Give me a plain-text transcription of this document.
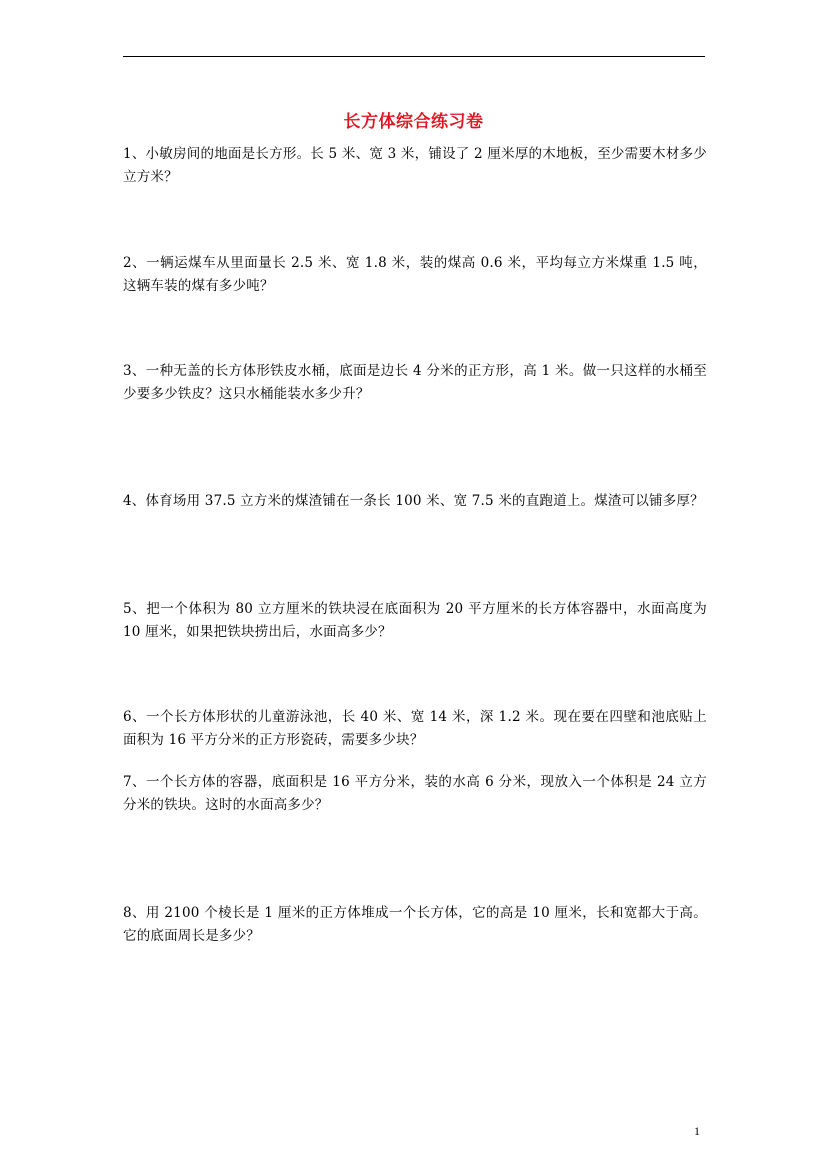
长方体综合练习卷
1、小敏房间的地面是长方形。长 5 米、宽 3 米，铺设了 2 厘米厚的木地板，至少需要木材多少立方米？
2、一辆运煤车从里面量长 2.5 米、宽 1.8 米，装的煤高 0.6 米，平均每立方米煤重 1.5 吨，这辆车装的煤有多少吨？
3、一种无盖的长方体形铁皮水桶，底面是边长 4 分米的正方形，高 1 米。做一只这样的水桶至少要多少铁皮？这只水桶能装水多少升？
4、体育场用 37.5 立方米的煤渣铺在一条长 100 米、宽 7.5 米的直跑道上。煤渣可以铺多厚？
5、把一个体积为 80 立方厘米的铁块浸在底面积为 20 平方厘米的长方体容器中，水面高度为 10 厘米，如果把铁块捞出后，水面高多少？
6、一个长方体形状的儿童游泳池，长 40 米、宽 14 米，深 1.2 米。现在要在四壁和池底贴上面积为 16 平方分米的正方形瓷砖，需要多少块？
7、一个长方体的容器，底面积是 16 平方分米，装的水高 6 分米，现放入一个体积是 24 立方分米的铁块。这时的水面高多少？
8、用 2100 个棱长是 1 厘米的正方体堆成一个长方体，它的高是 10 厘米，长和宽都大于高。它的底面周长是多少？
1
